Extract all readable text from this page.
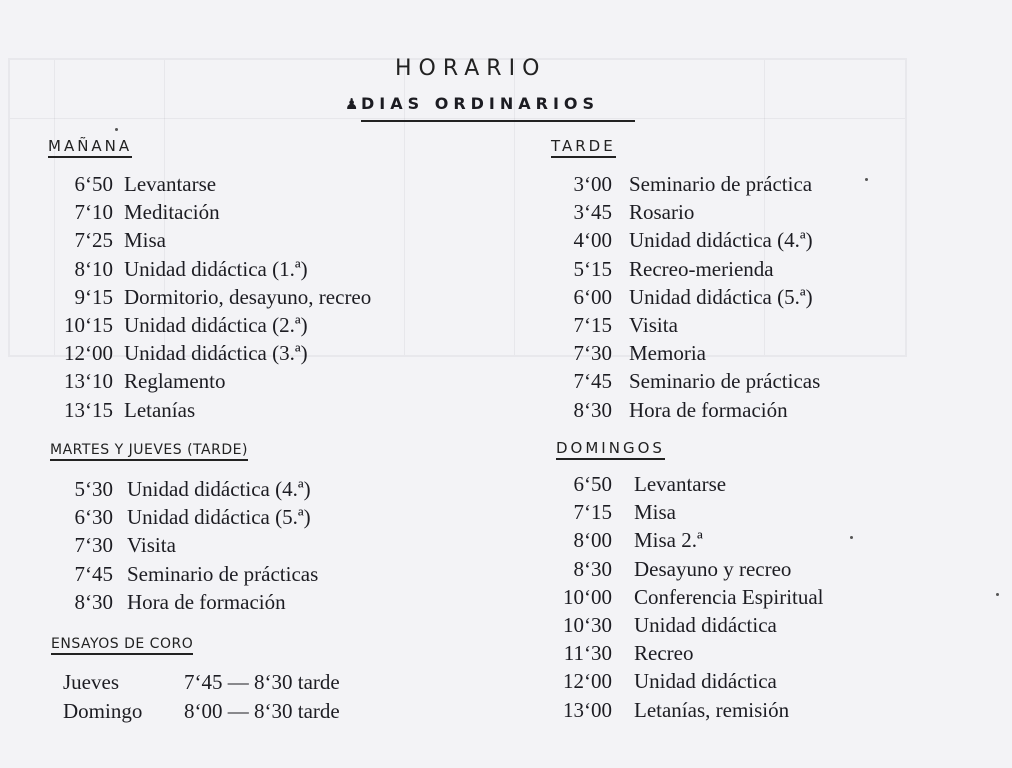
HORARIO
♟ DIAS ORDINARIOS
MAÑANA
6‘50 Levantarse
7‘10 Meditación
7‘25 Misa
8‘10 Unidad didáctica (1.ª)
9‘15 Dormitorio, desayuno, recreo
10‘15 Unidad didáctica (2.ª)
12‘00 Unidad didáctica (3.ª)
13‘10 Reglamento
13‘15 Letanías
MARTES Y JUEVES (TARDE)
5‘30 Unidad didáctica (4.ª)
6‘30 Unidad didáctica (5.ª)
7‘30 Visita
7‘45 Seminario de prácticas
8‘30 Hora de formación
ENSAYOS DE CORO
Jueves	7‘45 — 8‘30 tarde
Domingo 8‘00 — 8‘30 tarde
TARDE
3‘00 Seminario de práctica
3‘45 Rosario
4‘00 Unidad didáctica (4.ª)
5‘15 Recreo-merienda
6‘00 Unidad didáctica (5.ª)
7‘15 Visita
7‘30 Memoria
7‘45 Seminario de prácticas
8‘30 Hora de formación
DOMINGOS
6‘50 Levantarse
7‘15 Misa
8‘00 Misa 2.ª
8‘30 Desayuno y recreo
10‘00 Conferencia Espiritual
10‘30 Unidad didáctica
11‘30 Recreo
12‘00 Unidad didáctica
13‘00 Letanías, remisión
